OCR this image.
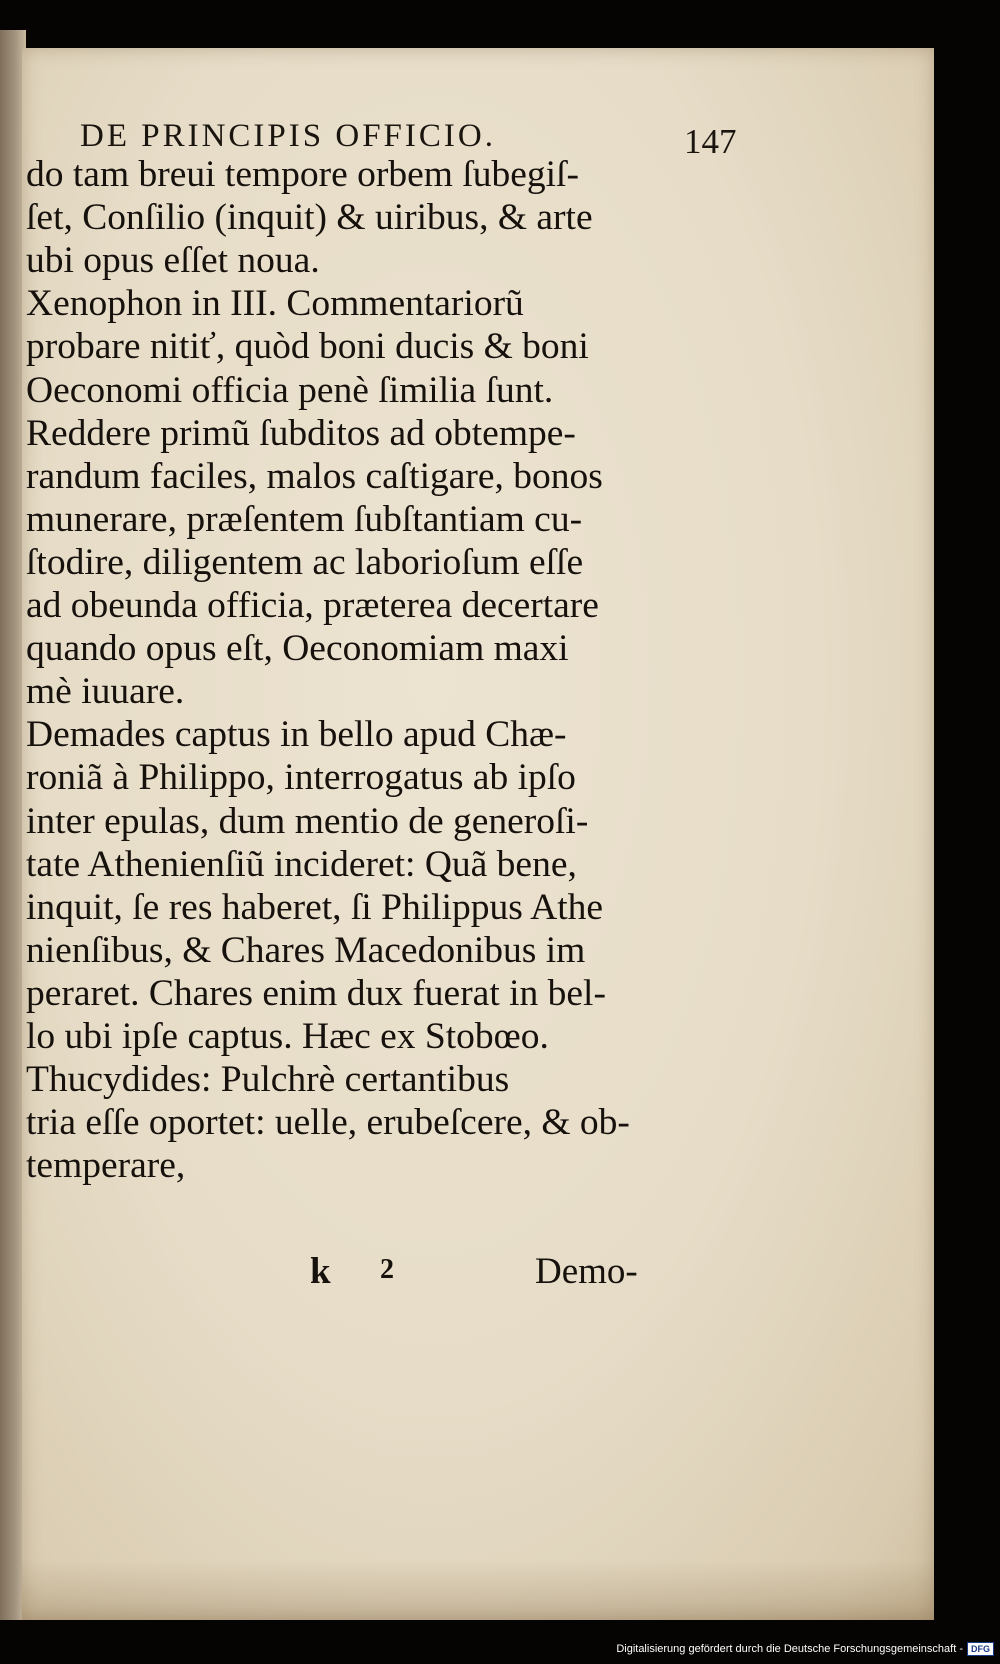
DE PRINCIPIS OFFICIO.	147
do tam breui tempore orbem ſubegiſ-
ſet, Conſilio (inquit) & uiribus, & arte
ubi opus eſſet noua.
Xenophon in III. Commentariorũ
probare nitiť, quòd boni ducis & boni
Oeconomi officia penè ſimilia ſunt.
Reddere primũ ſubditos ad obtempe-
randum faciles, malos caſtigare, bonos
munerare, præſentem ſubſtantiam cu-
ſtodire, diligentem ac laborioſum eſſe
ad obeunda officia, præterea decertare
quando opus eſt, Oeconomiam maxi
mè iuuare.
Demades captus in bello apud Chæ-
roniã à Philippo, interrogatus ab ipſo
inter epulas, dum mentio de generoſi-
tate Athenienſiũ incideret: Quã bene,
inquit, ſe res haberet, ſi Philippus Athe
nienſibus, & Chares Macedonibus im
peraret. Chares enim dux fuerat in bel-
lo ubi ipſe captus. Hæc ex Stobœo.
Thucydides: Pulchrè certantibus
tria eſſe oportet: uelle, erubeſcere, & ob-
temperare,
k 2	Demo-
Digitalisierung gefördert durch die Deutsche Forschungsgemeinschaft - DFG
